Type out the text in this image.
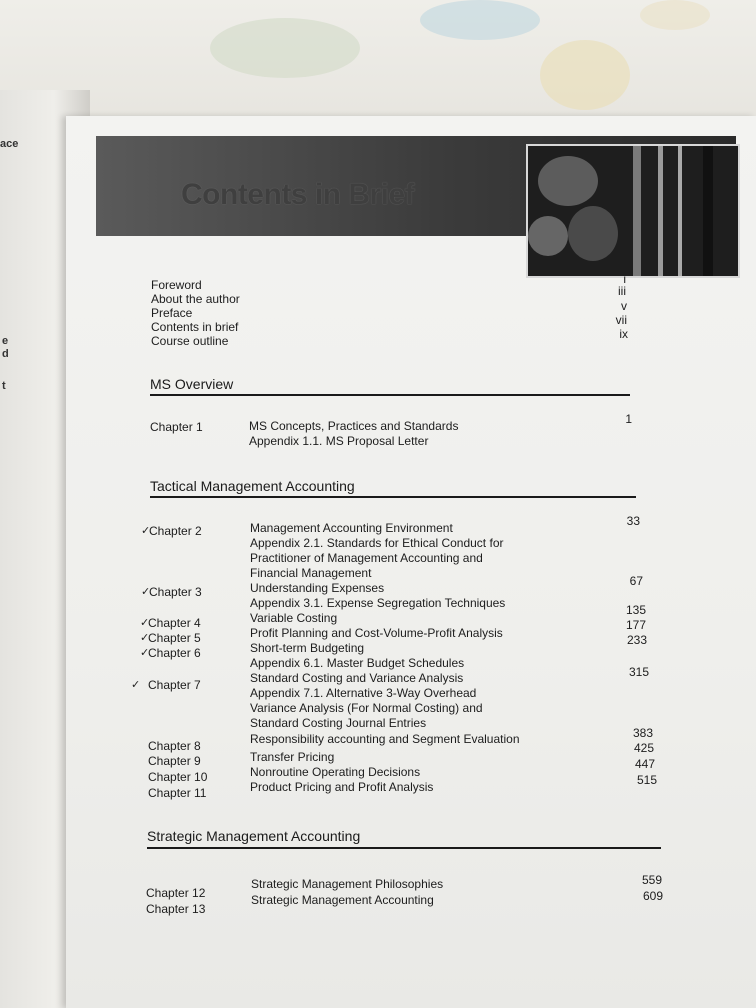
ace
e
d
t
Contents in Brief
Foreword
About the author
Preface
Contents in brief
Course outline
i
iii
v
vii
ix
MS Overview
Chapter 1	MS Concepts, Practices and Standards
Appendix 1.1. MS Proposal Letter
1
Tactical Management Accounting
✓
Chapter 2
✓
Chapter 3
✓
Chapter 4
✓
Chapter 5
✓
Chapter 6
✓ Chapter 7
Chapter 8
Chapter 9
Chapter 10
Chapter 11
Management Accounting Environment
Appendix 2.1. Standards for Ethical Conduct for
Practitioner of Management Accounting and
Financial Management
Understanding Expenses
Appendix 3.1. Expense Segregation Techniques
Variable Costing
Profit Planning and Cost-Volume-Profit Analysis
Short-term Budgeting
Appendix 6.1. Master Budget Schedules
Standard Costing and Variance Analysis
Appendix 7.1. Alternative 3-Way Overhead
Variance Analysis (For Normal Costing) and
Standard Costing Journal Entries
Responsibility accounting and Segment Evaluation
Transfer Pricing
Nonroutine Operating Decisions
Product Pricing and Profit Analysis
33
67
135
177
233
315
383
425
447
515
Strategic Management Accounting
Chapter 12
Chapter 13
Strategic Management Philosophies
Strategic Management Accounting
559
609
